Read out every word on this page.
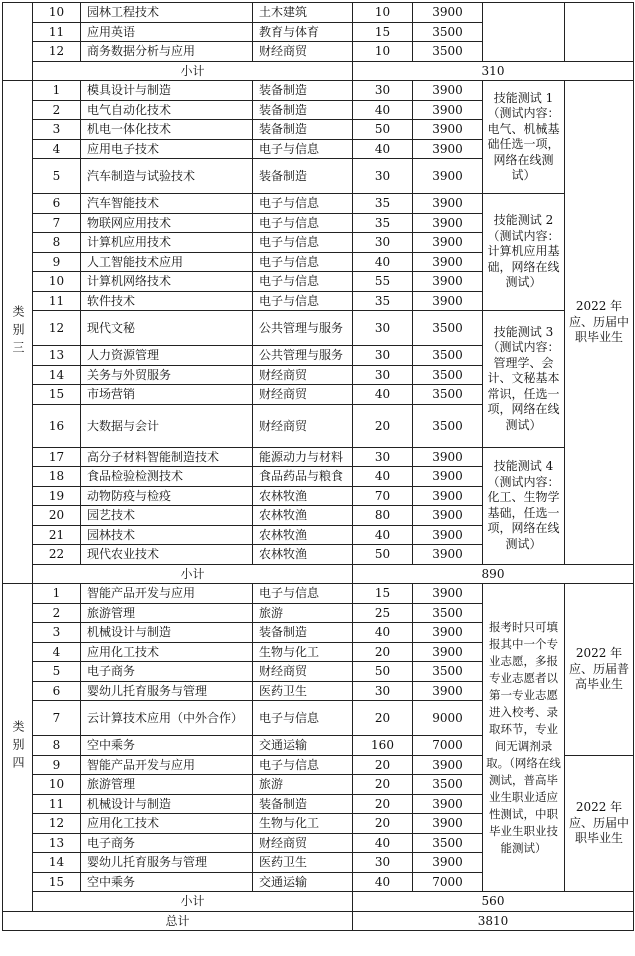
	10	园林工程技术	土木建筑	10	3900		
	11	应用英语	教育与体育	15	3500		
	12	商务数据分析与应用	财经商贸	10	3500		
	小计			310			
类别三	1	模具设计与制造	装备制造	30	3900	技能测试 1（测试内容：电气、机械基础任选一项，网络在线测试）	2022 年应、历届中职毕业生
	2	电气自动化技术	装备制造	40	3900		
	3	机电一体化技术	装备制造	50	3900		
	4	应用电子技术	电子与信息	40	3900		
	5	汽车制造与试验技术	装备制造	30	3900		
	6	汽车智能技术	电子与信息	35	3900	技能测试 2（测试内容：计算机应用基础，网络在线测试）	
	7	物联网应用技术	电子与信息	35	3900		
	8	计算机应用技术	电子与信息	30	3900		
	9	人工智能技术应用	电子与信息	40	3900		
	10	计算机网络技术	电子与信息	55	3900		
	11	软件技术	电子与信息	35	3900		
	12	现代文秘	公共管理与服务	30	3500	技能测试 3（测试内容：管理学、会计、文秘基本常识，任选一项，网络在线测试）	
	13	人力资源管理	公共管理与服务	30	3500		
	14	关务与外贸服务	财经商贸	30	3500		
	15	市场营销	财经商贸	40	3500		
	16	大数据与会计	财经商贸	20	3500		
	17	高分子材料智能制造技术	能源动力与材料	30	3900	技能测试 4（测试内容：化工、生物学基础，任选一项，网络在线测试）	
	18	食品检验检测技术	食品药品与粮食	40	3900		
	19	动物防疫与检疫	农林牧渔	70	3900		
	20	园艺技术	农林牧渔	80	3900		
	21	园林技术	农林牧渔	40	3900		
	22	现代农业技术	农林牧渔	50	3900		
	小计			890			
类别四	1	智能产品开发与应用	电子与信息	15	3900	报考时只可填报其中一个专业志愿，多报专业志愿者以第一专业志愿进入校考、录取环节，专业间无调剂录取。（网络在线测试，普高毕业生职业适应性测试，中职毕业生职业技能测试）	2022 年应、历届普高毕业生
	2	旅游管理	旅游	25	3500		
	3	机械设计与制造	装备制造	40	3900		
	4	应用化工技术	生物与化工	20	3900		
	5	电子商务	财经商贸	50	3500		
	6	婴幼儿托育服务与管理	医药卫生	30	3900		
	7	云计算技术应用（中外合作）	电子与信息	20	9000		
	8	空中乘务	交通运输	160	7000		
	9	智能产品开发与应用	电子与信息	20	3900		2022 年应、历届中职毕业生
	10	旅游管理	旅游	20	3500		
	11	机械设计与制造	装备制造	20	3900		
	12	应用化工技术	生物与化工	20	3900		
	13	电子商务	财经商贸	40	3500		
	14	婴幼儿托育服务与管理	医药卫生	30	3900		
	15	空中乘务	交通运输	40	7000		
	小计			560			
总计				3810			
